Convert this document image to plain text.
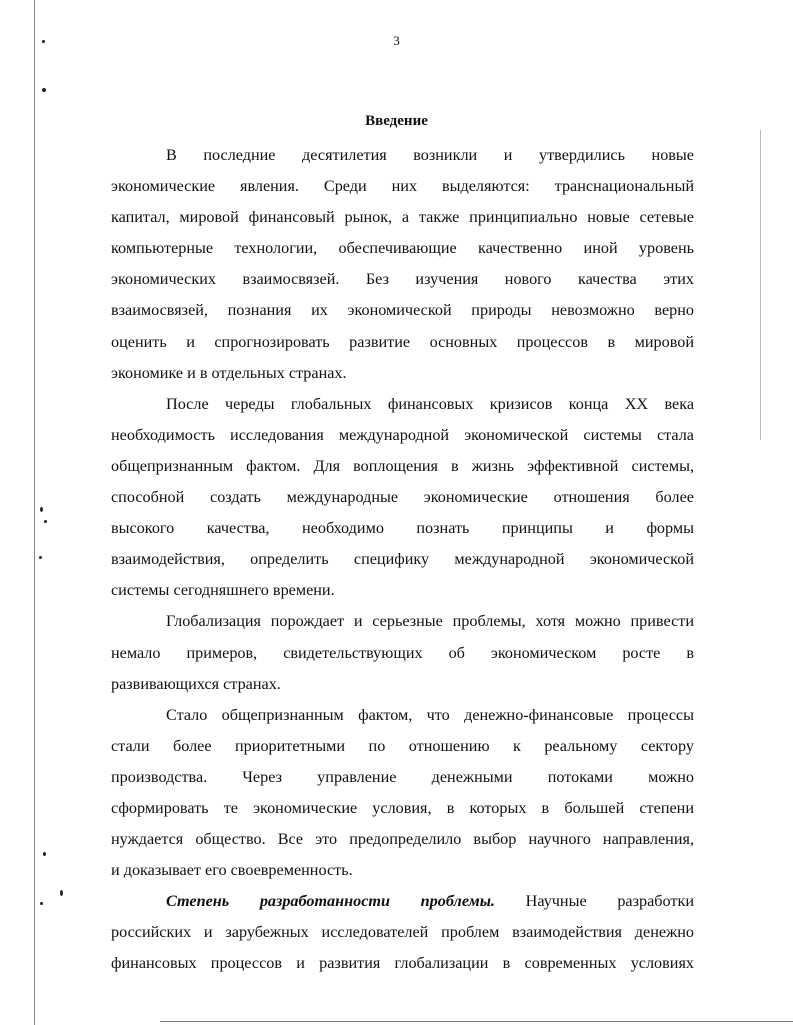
3
Введение
В последние десятилетия возникли и утвердились новые
экономические явления. Среди них выделяются: транснациональный
капитал, мировой финансовый рынок, а также принципиально новые сетевые
компьютерные технологии, обеспечивающие качественно иной уровень
экономических взаимосвязей. Без изучения нового качества этих
взаимосвязей, познания их экономической природы невозможно верно
оценить и спрогнозировать развитие основных процессов в мировой
экономике и в отдельных странах.
После череды глобальных финансовых кризисов конца XX века
необходимость исследования международной экономической системы стала
общепризнанным фактом. Для воплощения в жизнь эффективной системы,
способной создать международные экономические отношения более
высокого качества, необходимо познать принципы и формы
взаимодействия, определить специфику международной экономической
системы сегодняшнего времени.
Глобализация порождает и серьезные проблемы, хотя можно привести
немало примеров, свидетельствующих об экономическом росте в
развивающихся странах.
Стало общепризнанным фактом, что денежно-финансовые процессы
стали более приоритетными по отношению к реальному сектору
производства. Через управление денежными потоками можно
сформировать те экономические условия, в которых в большей степени
нуждается общество. Все это предопределило выбор научного направления,
и доказывает его своевременность.
Степень разработанности проблемы. Научные разработки
российских и зарубежных исследователей проблем взаимодействия денежно
финансовых процессов и развития глобализации в современных условиях
